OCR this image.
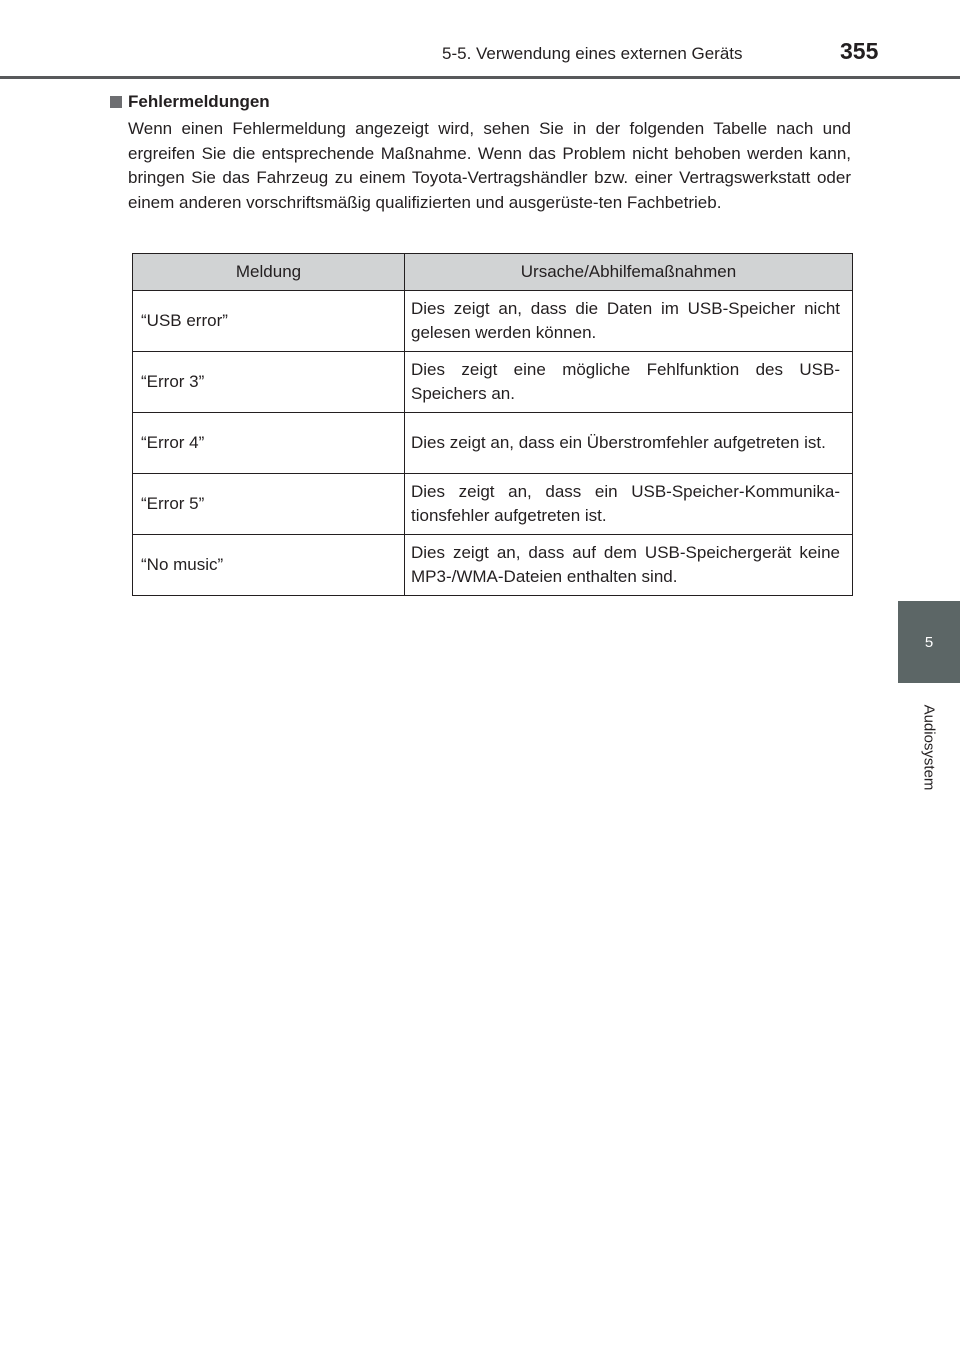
5-5. Verwendung eines externen Geräts	355
5
Audiosystem
Fehlermeldungen

Wenn einen Fehlermeldung angezeigt wird, sehen Sie in der folgenden Tabelle nach und ergreifen Sie die entsprechende Maßnahme. Wenn das Problem nicht behoben werden kann, bringen Sie das Fahrzeug zu einem Toyota-Vertragshändler bzw. einer Vertragswerkstatt oder einem anderen vorschriftsmäßig qualifizierten und ausgerüste-ten Fachbetrieb.

Meldung	Ursache/Abhilfemaßnahmen
“USB error”	Dies zeigt an, dass die Daten im USB-Speicher nicht gelesen werden können.
“Error 3”	Dies zeigt eine mögliche Fehlfunktion des USB-Speichers an.
“Error 4”	Dies zeigt an, dass ein Überstromfehler aufgetreten ist.
“Error 5”	Dies zeigt an, dass ein USB-Speicher-Kommunika-tionsfehler aufgetreten ist.
“No music”	Dies zeigt an, dass auf dem USB-Speichergerät keine MP3-/WMA-Dateien enthalten sind.
